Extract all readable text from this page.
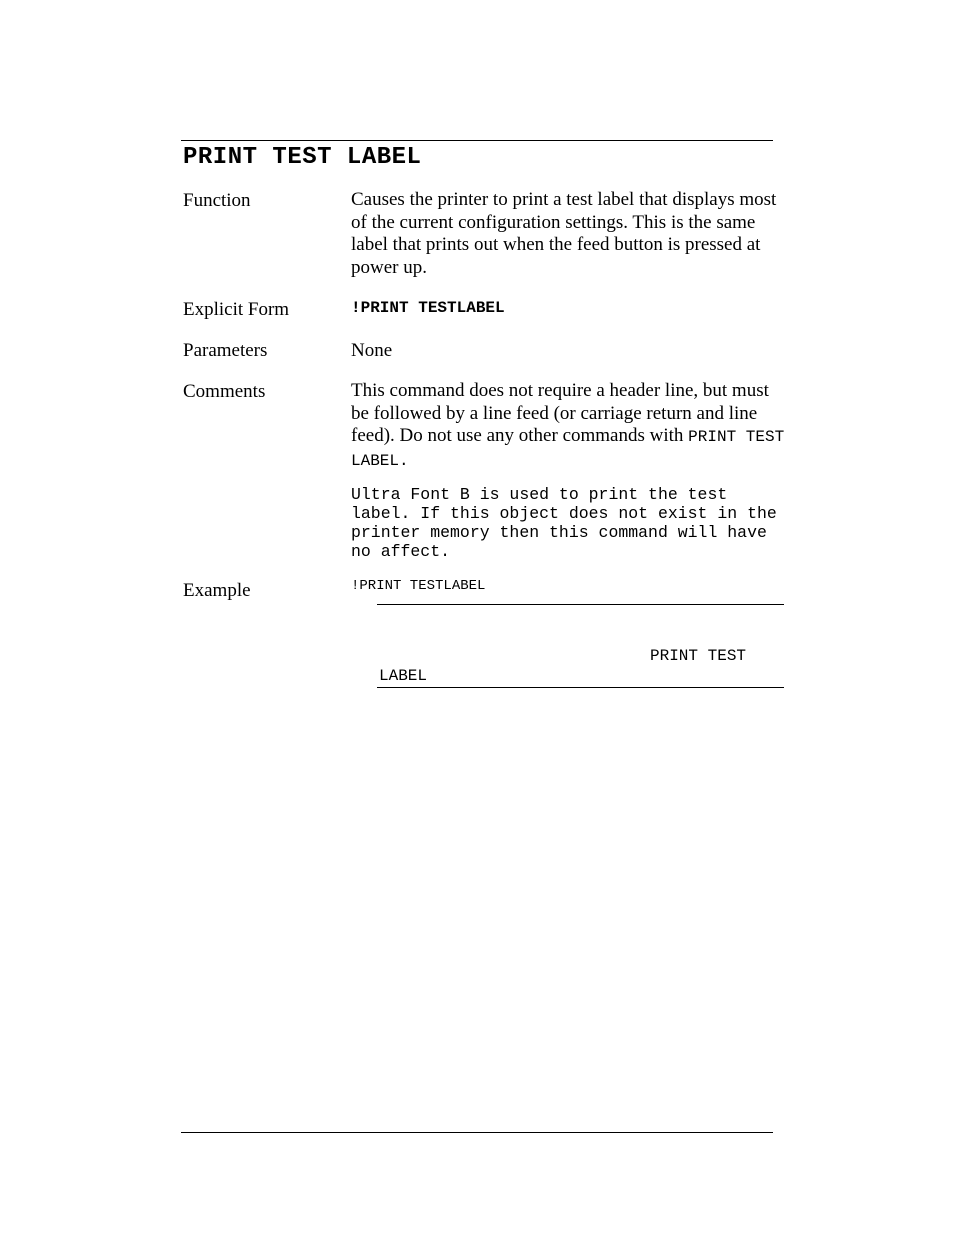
PRINT TEST LABEL
Function	Causes the printer to print a test label that displays most of the current configuration settings. This is the same label that prints out when the feed button is pressed at power up.
Explicit Form	!PRINT TESTLABEL
Parameters	None
Comments	This command does not require a header line, but must be followed by a line feed (or carriage return and line feed). Do not use any other commands with PRINT TEST LABEL.
Ultra Font B is used to print the test label. If this object does not exist in the printer memory then this command will have no affect.
Example	!PRINT TESTLABEL
PRINT TEST
LABEL
